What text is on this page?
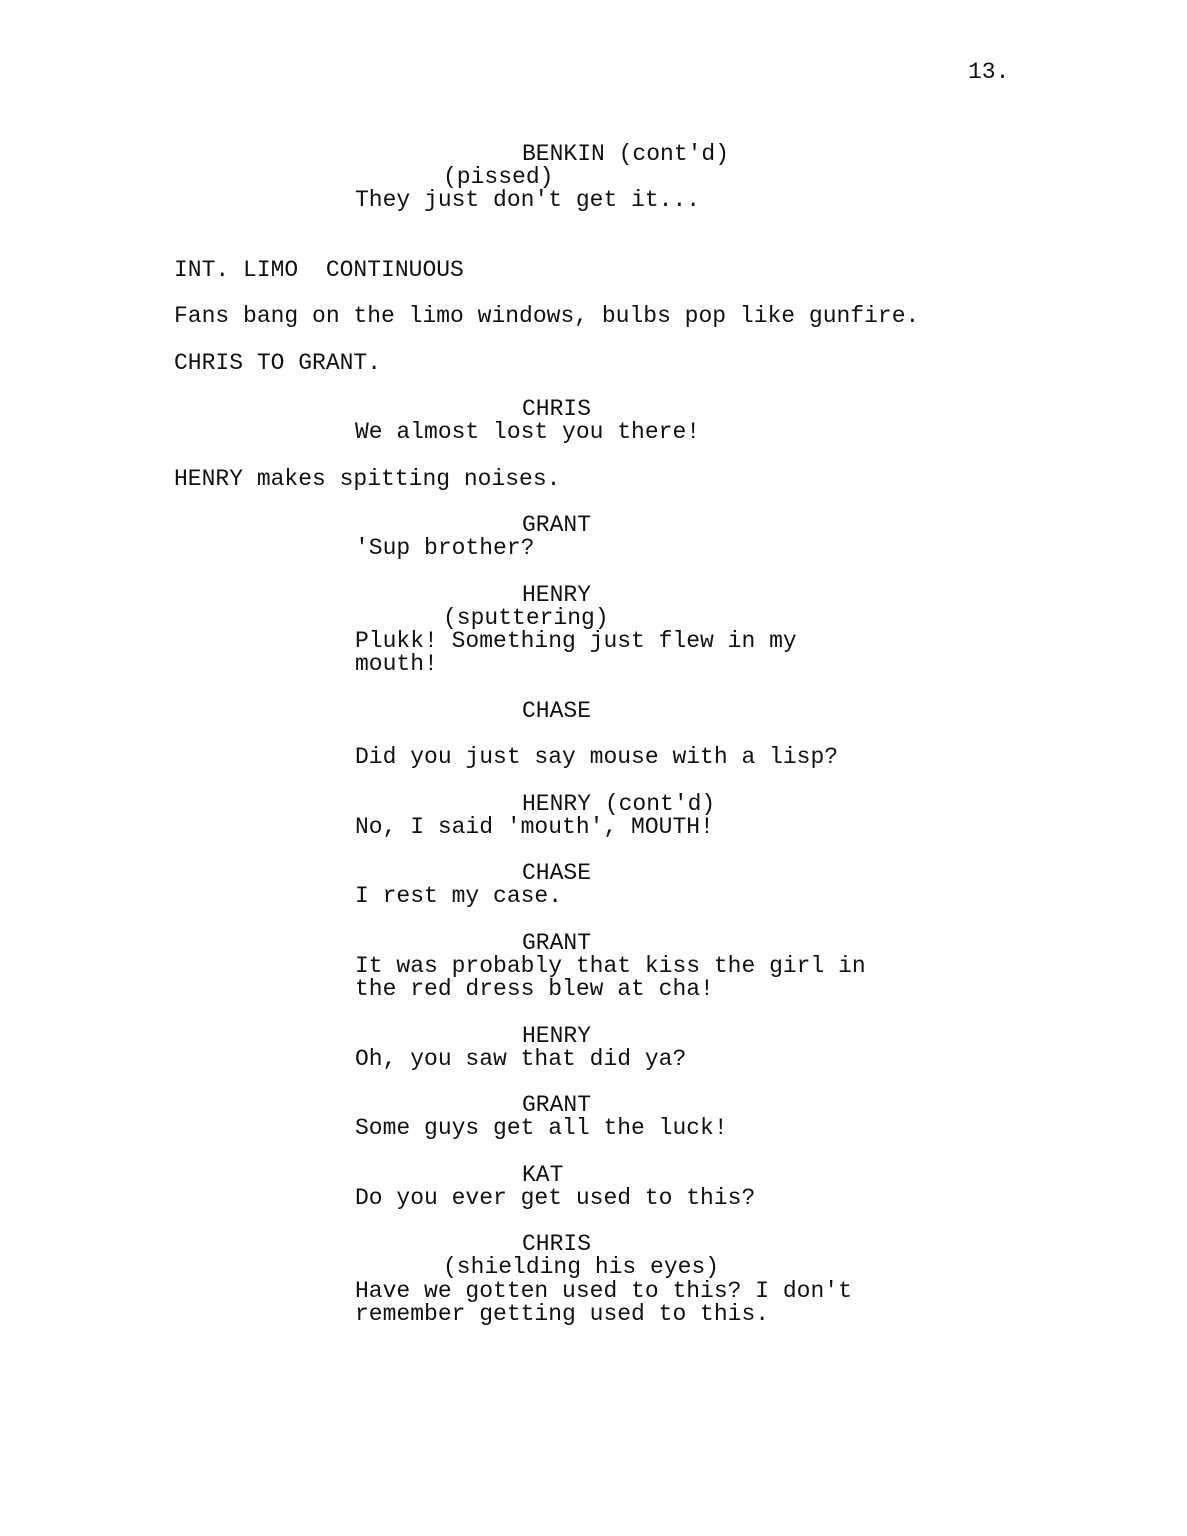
13.
BENKIN (cont'd)
(pissed)
They just don't get it...
INT. LIMO  CONTINUOUS
Fans bang on the limo windows, bulbs pop like gunfire.
CHRIS TO GRANT.
CHRIS
We almost lost you there!
HENRY makes spitting noises.
GRANT
'Sup brother?
HENRY
(sputtering)
Plukk! Something just flew in my
mouth!
CHASE
Did you just say mouse with a lisp?
HENRY (cont'd)
No, I said 'mouth', MOUTH!
CHASE
I rest my case.
GRANT
It was probably that kiss the girl in
the red dress blew at cha!
HENRY
Oh, you saw that did ya?
GRANT
Some guys get all the luck!
KAT
Do you ever get used to this?
CHRIS
(shielding his eyes)
Have we gotten used to this? I don't
remember getting used to this.
